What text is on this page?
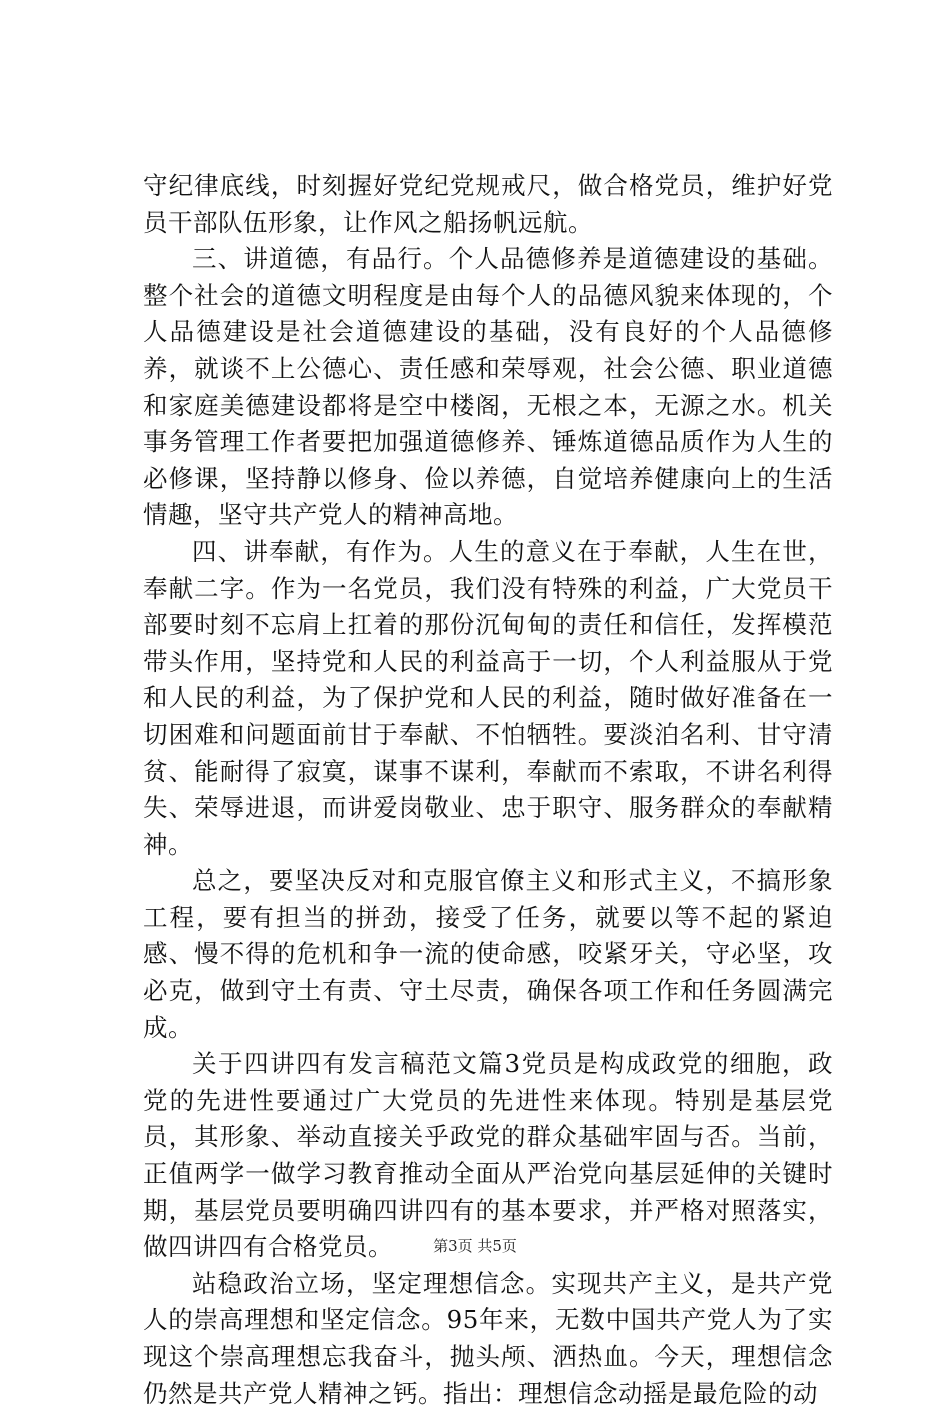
守纪律底线，时刻握好党纪党规戒尺，做合格党员，维护好党员干部队伍形象，让作风之船扬帆远航。

三、讲道德，有品行。个人品德修养是道德建设的基础。整个社会的道德文明程度是由每个人的品德风貌来体现的，个人品德建设是社会道德建设的基础，没有良好的个人品德修养，就谈不上公德心、责任感和荣辱观，社会公德、职业道德和家庭美德建设都将是空中楼阁，无根之本，无源之水。机关事务管理工作者要把加强道德修养、锤炼道德品质作为人生的必修课，坚持静以修身、俭以养德，自觉培养健康向上的生活情趣，坚守共产党人的精神高地。

四、讲奉献，有作为。人生的意义在于奉献，人生在世，奉献二字。作为一名党员，我们没有特殊的利益，广大党员干部要时刻不忘肩上扛着的那份沉甸甸的责任和信任，发挥模范带头作用，坚持党和人民的利益高于一切，个人利益服从于党和人民的利益，为了保护党和人民的利益，随时做好准备在一切困难和问题面前甘于奉献、不怕牺牲。要淡泊名利、甘守清贫、能耐得了寂寞，谋事不谋利，奉献而不索取，不讲名利得失、荣辱进退，而讲爱岗敬业、忠于职守、服务群众的奉献精神。

总之，要坚决反对和克服官僚主义和形式主义，不搞形象工程，要有担当的拼劲，接受了任务，就要以等不起的紧迫感、慢不得的危机和争一流的使命感，咬紧牙关，守必坚，攻必克，做到守土有责、守土尽责，确保各项工作和任务圆满完成。

关于四讲四有发言稿范文篇3党员是构成政党的细胞，政党的先进性要通过广大党员的先进性来体现。特别是基层党员，其形象、举动直接关乎政党的群众基础牢固与否。当前，正值两学一做学习教育推动全面从严治党向基层延伸的关键时期，基层党员要明确四讲四有的基本要求，并严格对照落实，做四讲四有合格党员。

站稳政治立场，坚定理想信念。实现共产主义，是共产党人的崇高理想和坚定信念。95年来，无数中国共产党人为了实现这个崇高理想忘我奋斗，抛头颅、洒热血。今天，理想信念仍然是共产党人精神之钙。指出：理想信念动摇是最危险的动

第3页 共5页
